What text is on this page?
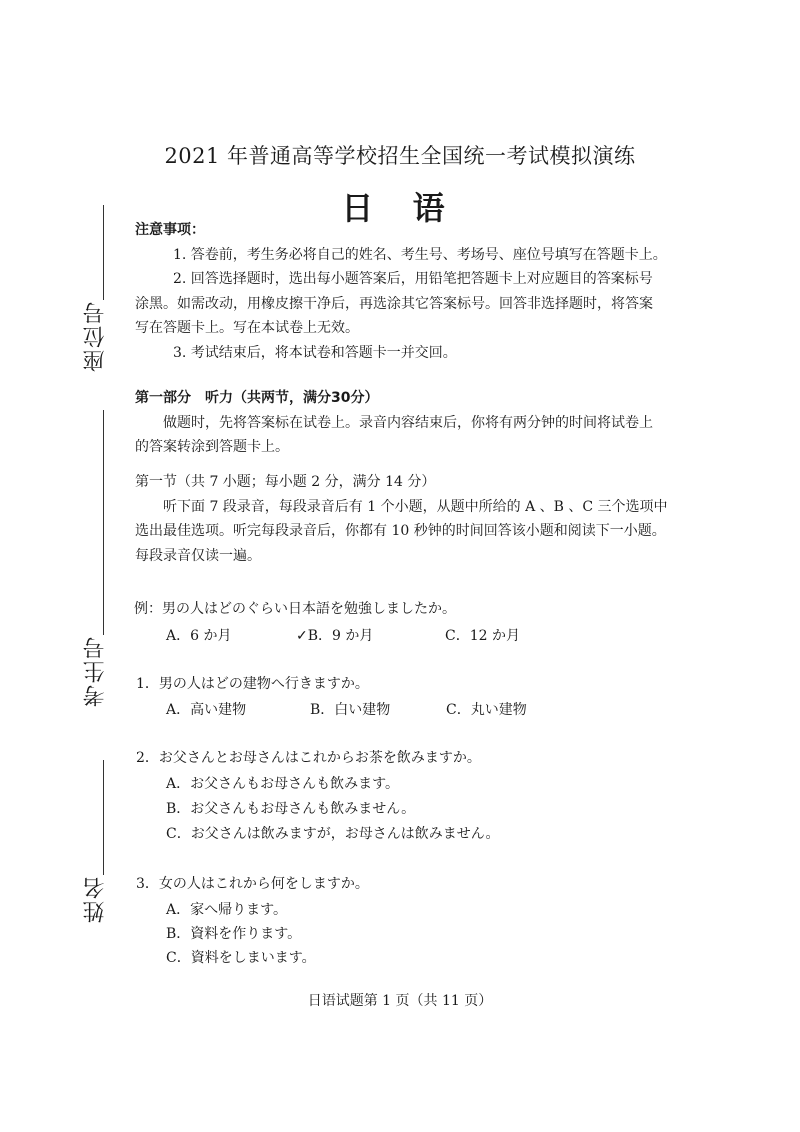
2021 年普通高等学校招生全国统一考试模拟演练
日 语
座位号
考生号
姓名
注意事项：
1. 答卷前，考生务必将自己的姓名、考生号、考场号、座位号填写在答题卡上。
2. 回答选择题时，选出每小题答案后，用铅笔把答题卡上对应题目的答案标号
涂黑。如需改动，用橡皮擦干净后，再选涂其它答案标号。回答非选择题时，将答案
写在答题卡上。写在本试卷上无效。
3. 考试结束后，将本试卷和答题卡一并交回。
第一部分　听力（共两节，满分30分）
做题时，先将答案标在试卷上。录音内容结束后，你将有两分钟的时间将试卷上
的答案转涂到答题卡上。
第一节（共 7 小题；每小题 2 分，满分 14 分）
听下面 7 段录音，每段录音后有 1 个小题，从题中所给的 A 、B 、C 三个选项中
选出最佳选项。听完每段录音后，你都有 10 秒钟的时间回答该小题和阅读下一小题。
每段录音仅读一遍。
例：男の人はどのぐらい日本語を勉強しましたか。
A．6 か月	✓B．9 か月	C．12 か月
1．男の人はどの建物へ行きますか。
A．高い建物	B．白い建物	C．丸い建物
2．お父さんとお母さんはこれからお茶を飲みますか。
A．お父さんもお母さんも飲みます。
B．お父さんもお母さんも飲みません。
C．お父さんは飲みますが，お母さんは飲みません。
3．女の人はこれから何をしますか。
A．家へ帰ります。
B．資料を作ります。
C．資料をしまいます。
日语试题第 1 页（共 11 页）
